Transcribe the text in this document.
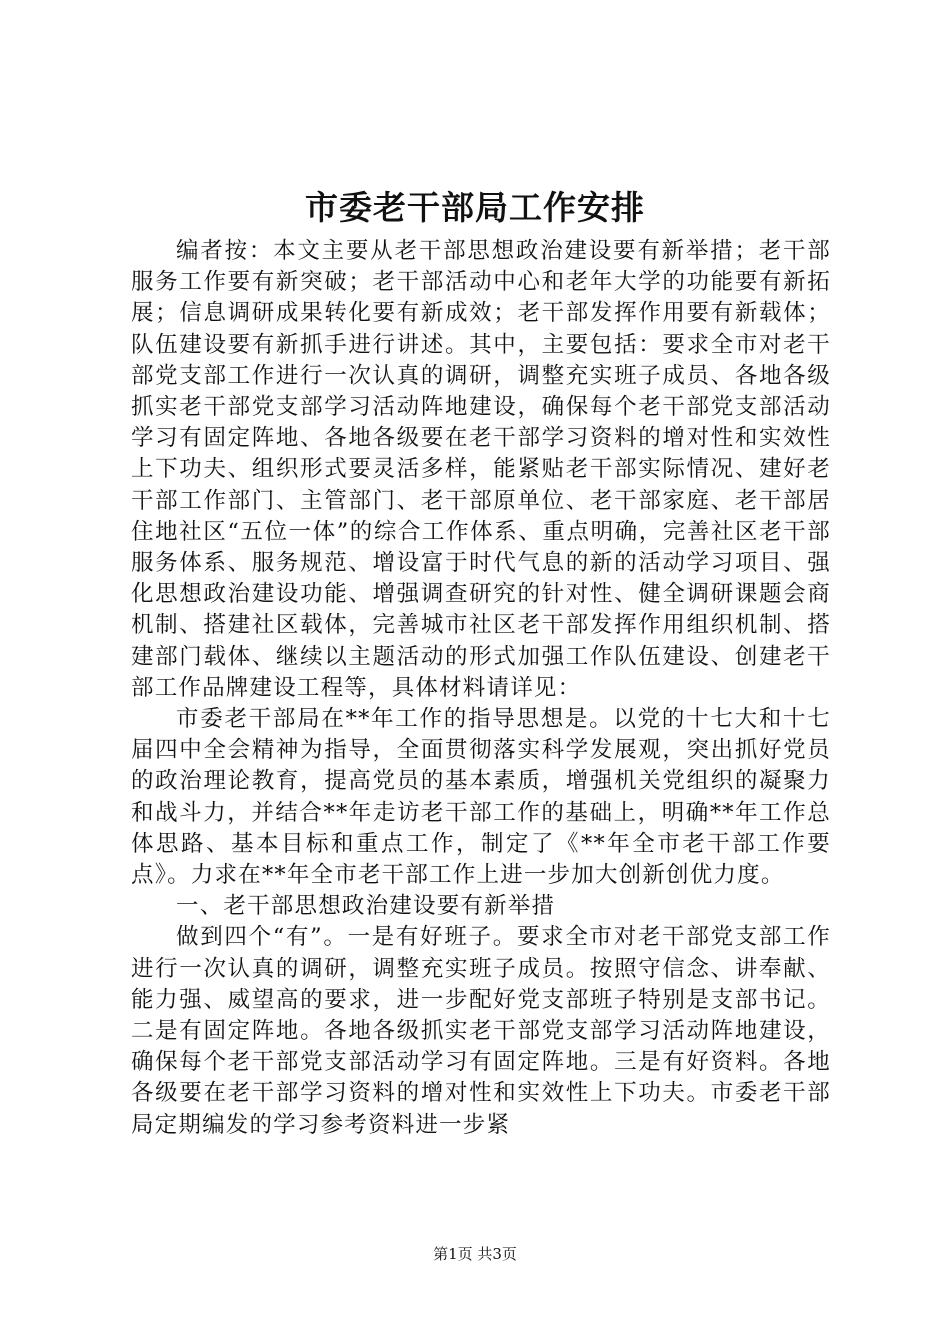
市委老干部局工作安排

编者按：本文主要从老干部思想政治建设要有新举措；老干部服务工作要有新突破；老干部活动中心和老年大学的功能要有新拓展；信息调研成果转化要有新成效；老干部发挥作用要有新载体；队伍建设要有新抓手进行讲述。其中，主要包括：要求全市对老干部党支部工作进行一次认真的调研，调整充实班子成员、各地各级抓实老干部党支部学习活动阵地建设，确保每个老干部党支部活动学习有固定阵地、各地各级要在老干部学习资料的增对性和实效性上下功夫、组织形式要灵活多样，能紧贴老干部实际情况、建好老干部工作部门、主管部门、老干部原单位、老干部家庭、老干部居住地社区“五位一体”的综合工作体系、重点明确，完善社区老干部服务体系、服务规范、增设富于时代气息的新的活动学习项目、强化思想政治建设功能、增强调查研究的针对性、健全调研课题会商机制、搭建社区载体，完善城市社区老干部发挥作用组织机制、搭建部门载体、继续以主题活动的形式加强工作队伍建设、创建老干部工作品牌建设工程等，具体材料请详见：

市委老干部局在**年工作的指导思想是。以党的十七大和十七届四中全会精神为指导，全面贯彻落实科学发展观，突出抓好党员的政治理论教育，提高党员的基本素质，增强机关党组织的凝聚力和战斗力，并结合**年走访老干部工作的基础上，明确**年工作总体思路、基本目标和重点工作，制定了《**年全市老干部工作要点》。力求在**年全市老干部工作上进一步加大创新创优力度。

一、老干部思想政治建设要有新举措

做到四个“有”。一是有好班子。要求全市对老干部党支部工作进行一次认真的调研，调整充实班子成员。按照守信念、讲奉献、能力强、威望高的要求，进一步配好党支部班子特别是支部书记。二是有固定阵地。各地各级抓实老干部党支部学习活动阵地建设，确保每个老干部党支部活动学习有固定阵地。三是有好资料。各地各级要在老干部学习资料的增对性和实效性上下功夫。市委老干部局定期编发的学习参考资料进一步紧

第1页 共3页
